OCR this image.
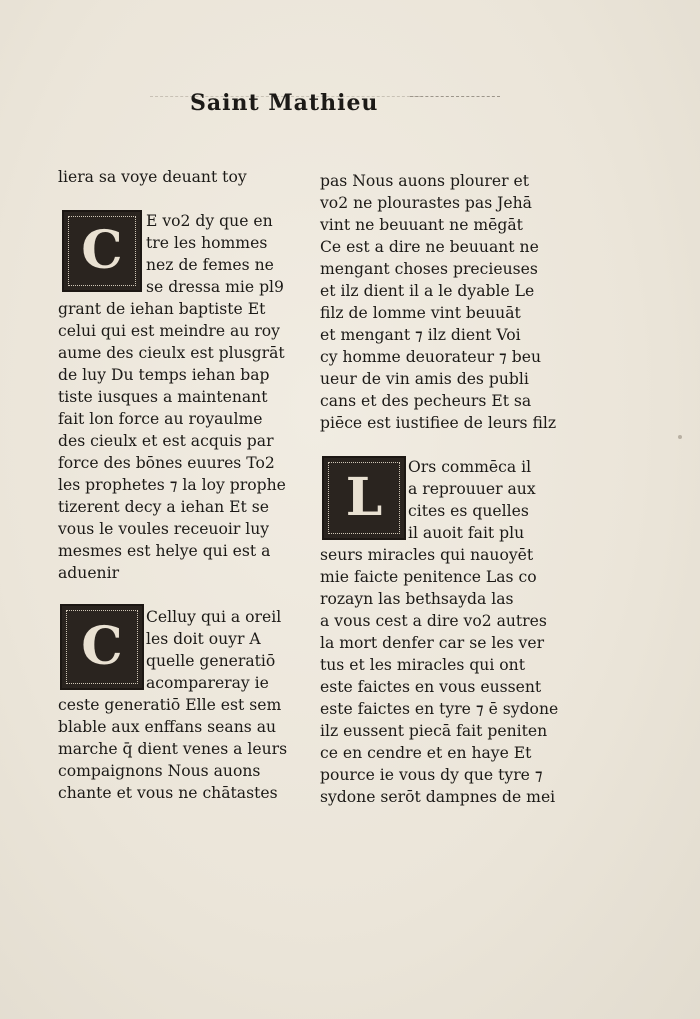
Saint Mathieu
C
C
L
liera sa voye deuant toy
E vo2 dy que en
tre les hommes
nez de femes ne
se dressa mie pl9
grant de iehan baptiste Et
celui qui est meindre au roy
aume des cieulx est plusgrāt
de luy Du temps iehan bap
tiste iusques a maintenant
fait lon force au royaulme
des cieulx et est acquis par
force des bōnes euures To2
les prophetes ⁊ la loy prophe
tizerent decy a iehan Et se
vous le voules receuoir luy
mesmes est helye qui est a
aduenir
Celluy qui a oreil
les doit ouyr A
quelle generatiō
acompareray ie
ceste generatiō Elle est sem
blable aux enffans seans au
marche q̄ dient venes a leurs
compaignons Nous auons
chante et vous ne chātastes
pas Nous auons plourer et
vo2 ne plourastes pas Jehā
vint ne beuuant ne mēgāt
Ce est a dire ne beuuant ne
mengant choses precieuses
et ilz dient il a le dyable Le
filz de lomme vint beuuāt
et mengant ⁊ ilz dient Voi
cy homme deuorateur ⁊ beu
ueur de vin amis des publi
cans et des pecheurs Et sa
piēce est iustifiee de leurs filz
Ors commēca il
a reprouuer aux
cites es quelles
il auoit fait plu
seurs miracles qui nauoyēt
mie faicte penitence Las co
rozayn las bethsayda las
a vous cest a dire vo2 autres
la mort denfer car se les ver
tus et les miracles qui ont
este faictes en vous eussent
este faictes en tyre ⁊ ē sydone
ilz eussent piecā fait peniten
ce en cendre et en haye Et
pource ie vous dy que tyre ⁊
sydone serōt dampnes de mei
